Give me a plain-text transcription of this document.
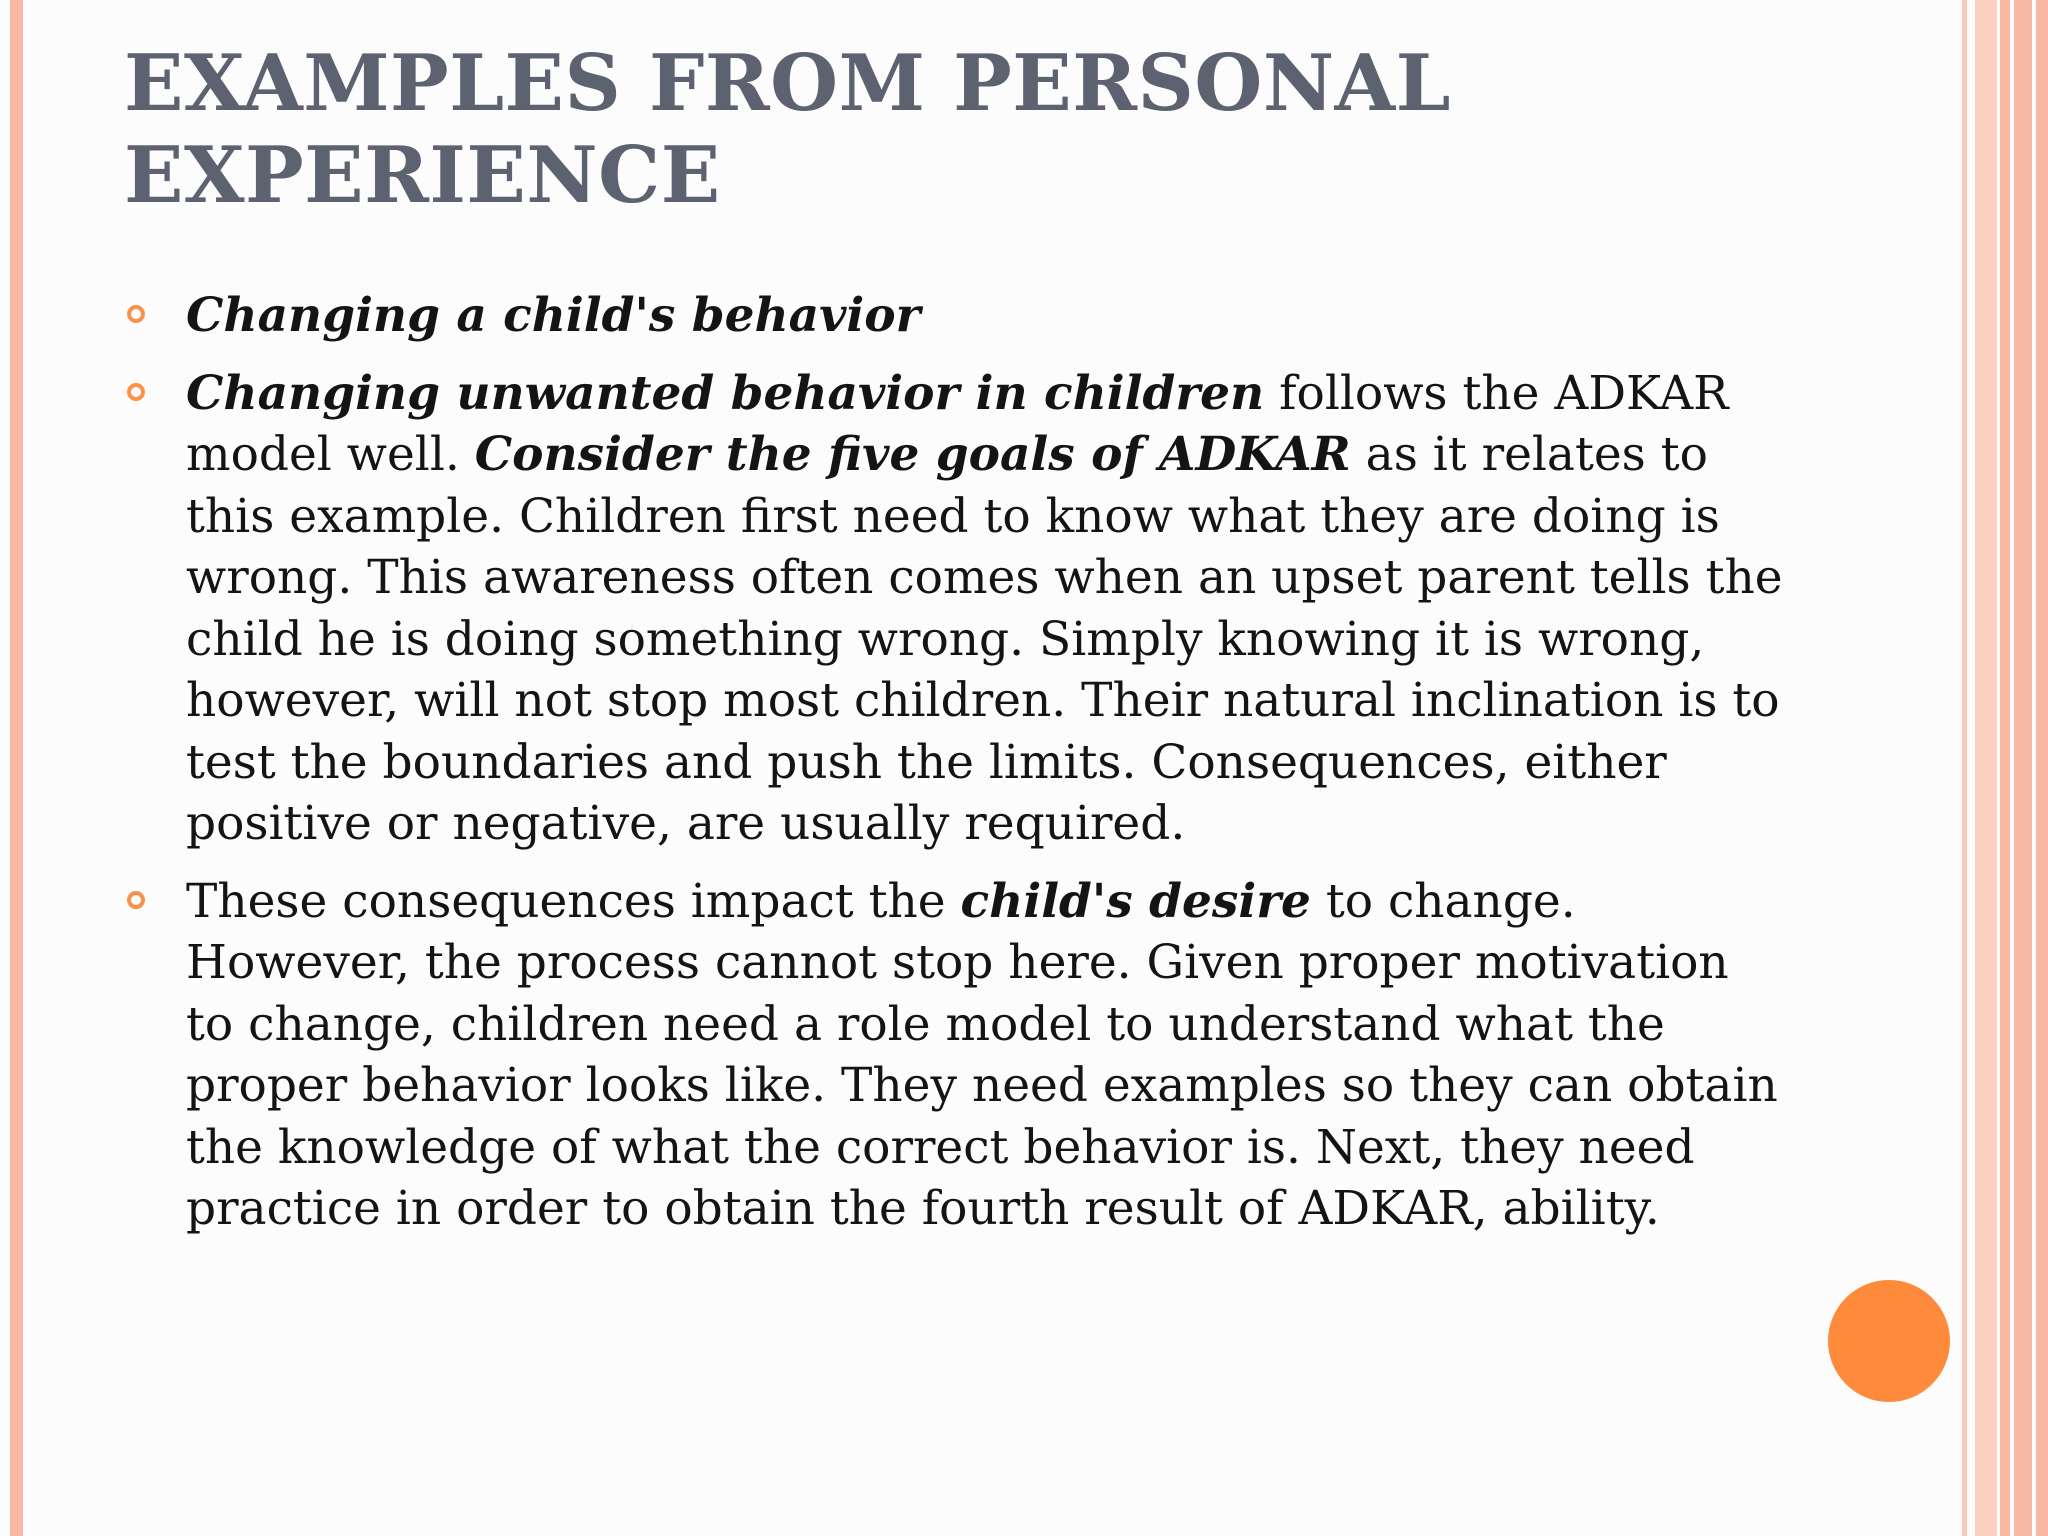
EXAMPLES FROM PERSONAL EXPERIENCE
Changing a child's behavior
Changing unwanted behavior in children follows the ADKAR model well. Consider the five goals of ADKAR as it relates to this example. Children first need to know what they are doing is wrong. This awareness often comes when an upset parent tells the child he is doing something wrong. Simply knowing it is wrong, however, will not stop most children. Their natural inclination is to test the boundaries and push the limits. Consequences, either positive or negative, are usually required.
These consequences impact the child's desire to change. However, the process cannot stop here. Given proper motivation to change, children need a role model to understand what the proper behavior looks like. They need examples so they can obtain the knowledge of what the correct behavior is. Next, they need practice in order to obtain the fourth result of ADKAR, ability.
